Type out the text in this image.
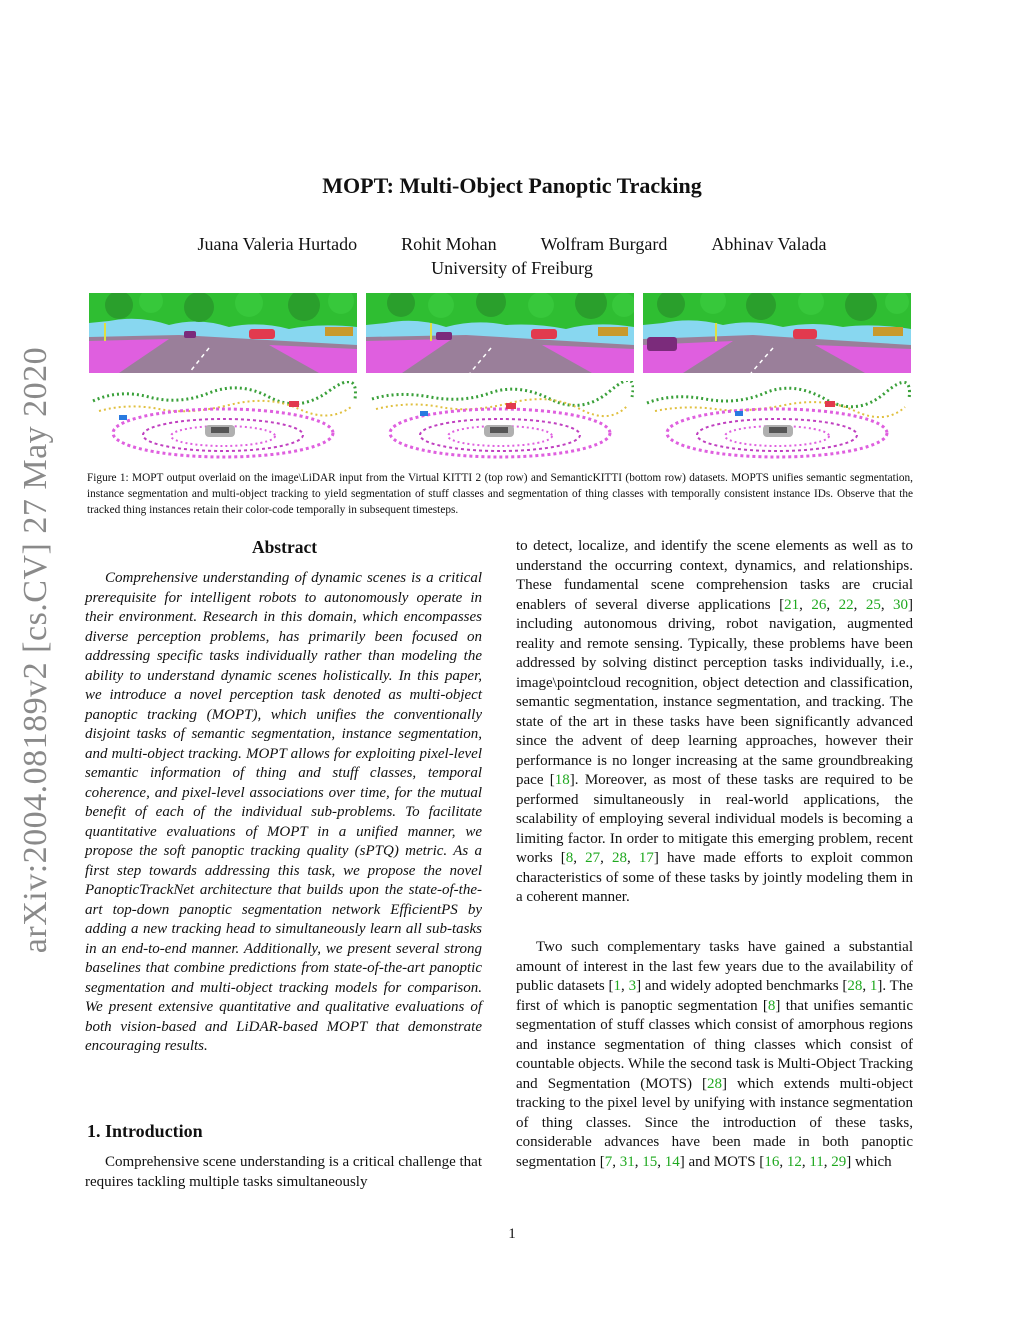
arXiv:2004.08189v2 [cs.CV] 27 May 2020
MOPT: Multi-Object Panoptic Tracking
Juana Valeria Hurtado Rohit Mohan Wolfram Burgard Abhinav Valada
University of Freiburg

Figure 1: MOPT output overlaid on the image\LiDAR input from the Virtual KITTI 2 (top row) and SemanticKITTI (bottom row) datasets. MOPTS unifies semantic segmentation, instance segmentation and multi-object tracking to yield segmentation of stuff classes and segmentation of thing classes with temporally consistent instance IDs. Observe that the tracked thing instances retain their color-code temporally in subsequent timesteps.

Abstract

Comprehensive understanding of dynamic scenes is a critical prerequisite for intelligent robots to autonomously operate in their environment. Research in this domain, which encompasses diverse perception problems, has primarily been focused on addressing specific tasks individually rather than modeling the ability to understand dynamic scenes holistically. In this paper, we introduce a novel perception task denoted as multi-object panoptic tracking (MOPT), which unifies the conventionally disjoint tasks of semantic segmentation, instance segmentation, and multi-object tracking. MOPT allows for exploiting pixel-level semantic information of thing and stuff classes, temporal coherence, and pixel-level associations over time, for the mutual benefit of each of the individual sub-problems. To facilitate quantitative evaluations of MOPT in a unified manner, we propose the soft panoptic tracking quality (sPTQ) metric. As a first step towards addressing this task, we propose the novel PanopticTrackNet architecture that builds upon the state-of-the-art top-down panoptic segmentation network EfficientPS by adding a new tracking head to simultaneously learn all sub-tasks in an end-to-end manner. Additionally, we present several strong baselines that combine predictions from state-of-the-art panoptic segmentation and multi-object tracking models for comparison. We present extensive quantitative and qualitative evaluations of both vision-based and LiDAR-based MOPT that demonstrate encouraging results.

1. Introduction

Comprehensive scene understanding is a critical challenge that requires tackling multiple tasks simultaneously

to detect, localize, and identify the scene elements as well as to understand the occurring context, dynamics, and relationships. These fundamental scene comprehension tasks are crucial enablers of several diverse applications [21, 26, 22, 25, 30] including autonomous driving, robot navigation, augmented reality and remote sensing. Typically, these problems have been addressed by solving distinct perception tasks individually, i.e., image\pointcloud recognition, object detection and classification, semantic segmentation, instance segmentation, and tracking. The state of the art in these tasks have been significantly advanced since the advent of deep learning approaches, however their performance is no longer increasing at the same groundbreaking pace [18]. Moreover, as most of these tasks are required to be performed simultaneously in real-world applications, the scalability of employing several individual models is becoming a limiting factor. In order to mitigate this emerging problem, recent works [8, 27, 28, 17] have made efforts to exploit common characteristics of some of these tasks by jointly modeling them in a coherent manner.

Two such complementary tasks have gained a substantial amount of interest in the last few years due to the availability of public datasets [1, 3] and widely adopted benchmarks [28, 1]. The first of which is panoptic segmentation [8] that unifies semantic segmentation of stuff classes which consist of amorphous regions and instance segmentation of thing classes which consist of countable objects. While the second task is Multi-Object Tracking and Segmentation (MOTS) [28] which extends multi-object tracking to the pixel level by unifying with instance segmentation of thing classes. Since the introduction of these tasks, considerable advances have been made in both panoptic segmentation [7, 31, 15, 14] and MOTS [16, 12, 11, 29] which

1
